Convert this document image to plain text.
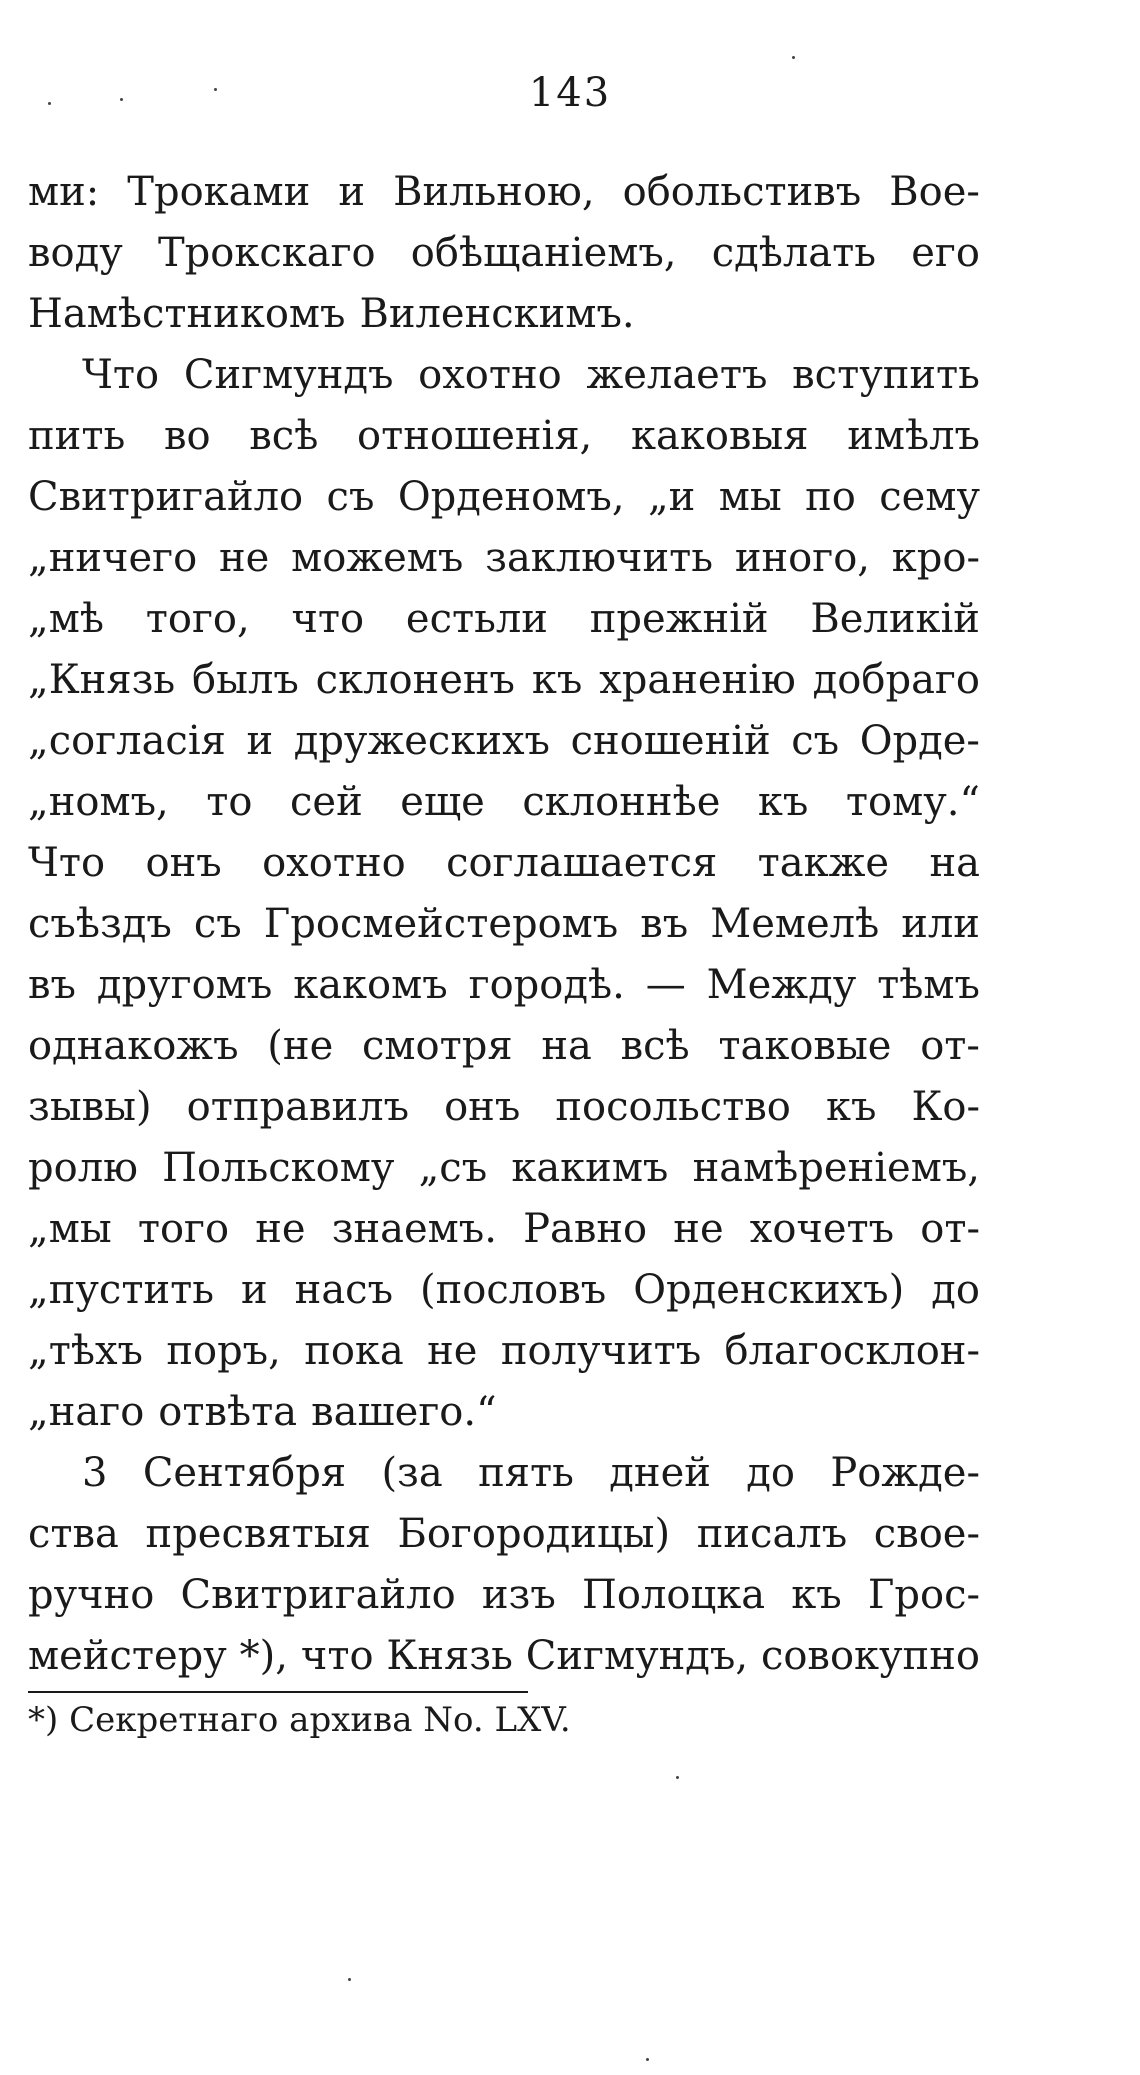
143
ми: Троками и Вильнoю, обольстивъ Вое-
воду Трокскаго обѣщанiемъ, сдѣлать его
Намѣстникомъ Виленскимъ.
Что Сигмундъ охотно желаетъ вступить
пить во всѣ отношенiя, каковыя имѣлъ
Свитригайло съ Орденомъ, „и мы по сему
„ничего не можемъ заключить иного, кро-
„мѣ того, что естьли прежнiй Великiй
„Князь былъ склоненъ къ храненiю добраго
„согласiя и дружескихъ сношенiй съ Орде-
„номъ, то сей еще склоннѣе къ тому.“
Что онъ охотно соглашается также на
съѣздъ съ Гросмейстеромъ въ Мемелѣ или
въ другомъ какомъ городѣ. — Между тѣмъ
однакожъ (не смотря на всѣ таковые от-
зывы) отправилъ онъ посольство къ Ко-
ролю Польскому „съ какимъ намѣренiемъ,
„мы того не знаемъ. Равно не хочетъ от-
„пустить и насъ (пословъ Орденскихъ) до
„тѣхъ поръ, пока не получитъ благосклон-
„наго отвѣта вашего.“
3 Сентября (за пять дней до Рожде-
ства пресвятыя Богородицы) писалъ свое-
ручно Свитригайло изъ Полоцка къ Грос-
мейстеру *), что Князь Сигмундъ, совокупно
*) Секретнаго архива No. LXV.
